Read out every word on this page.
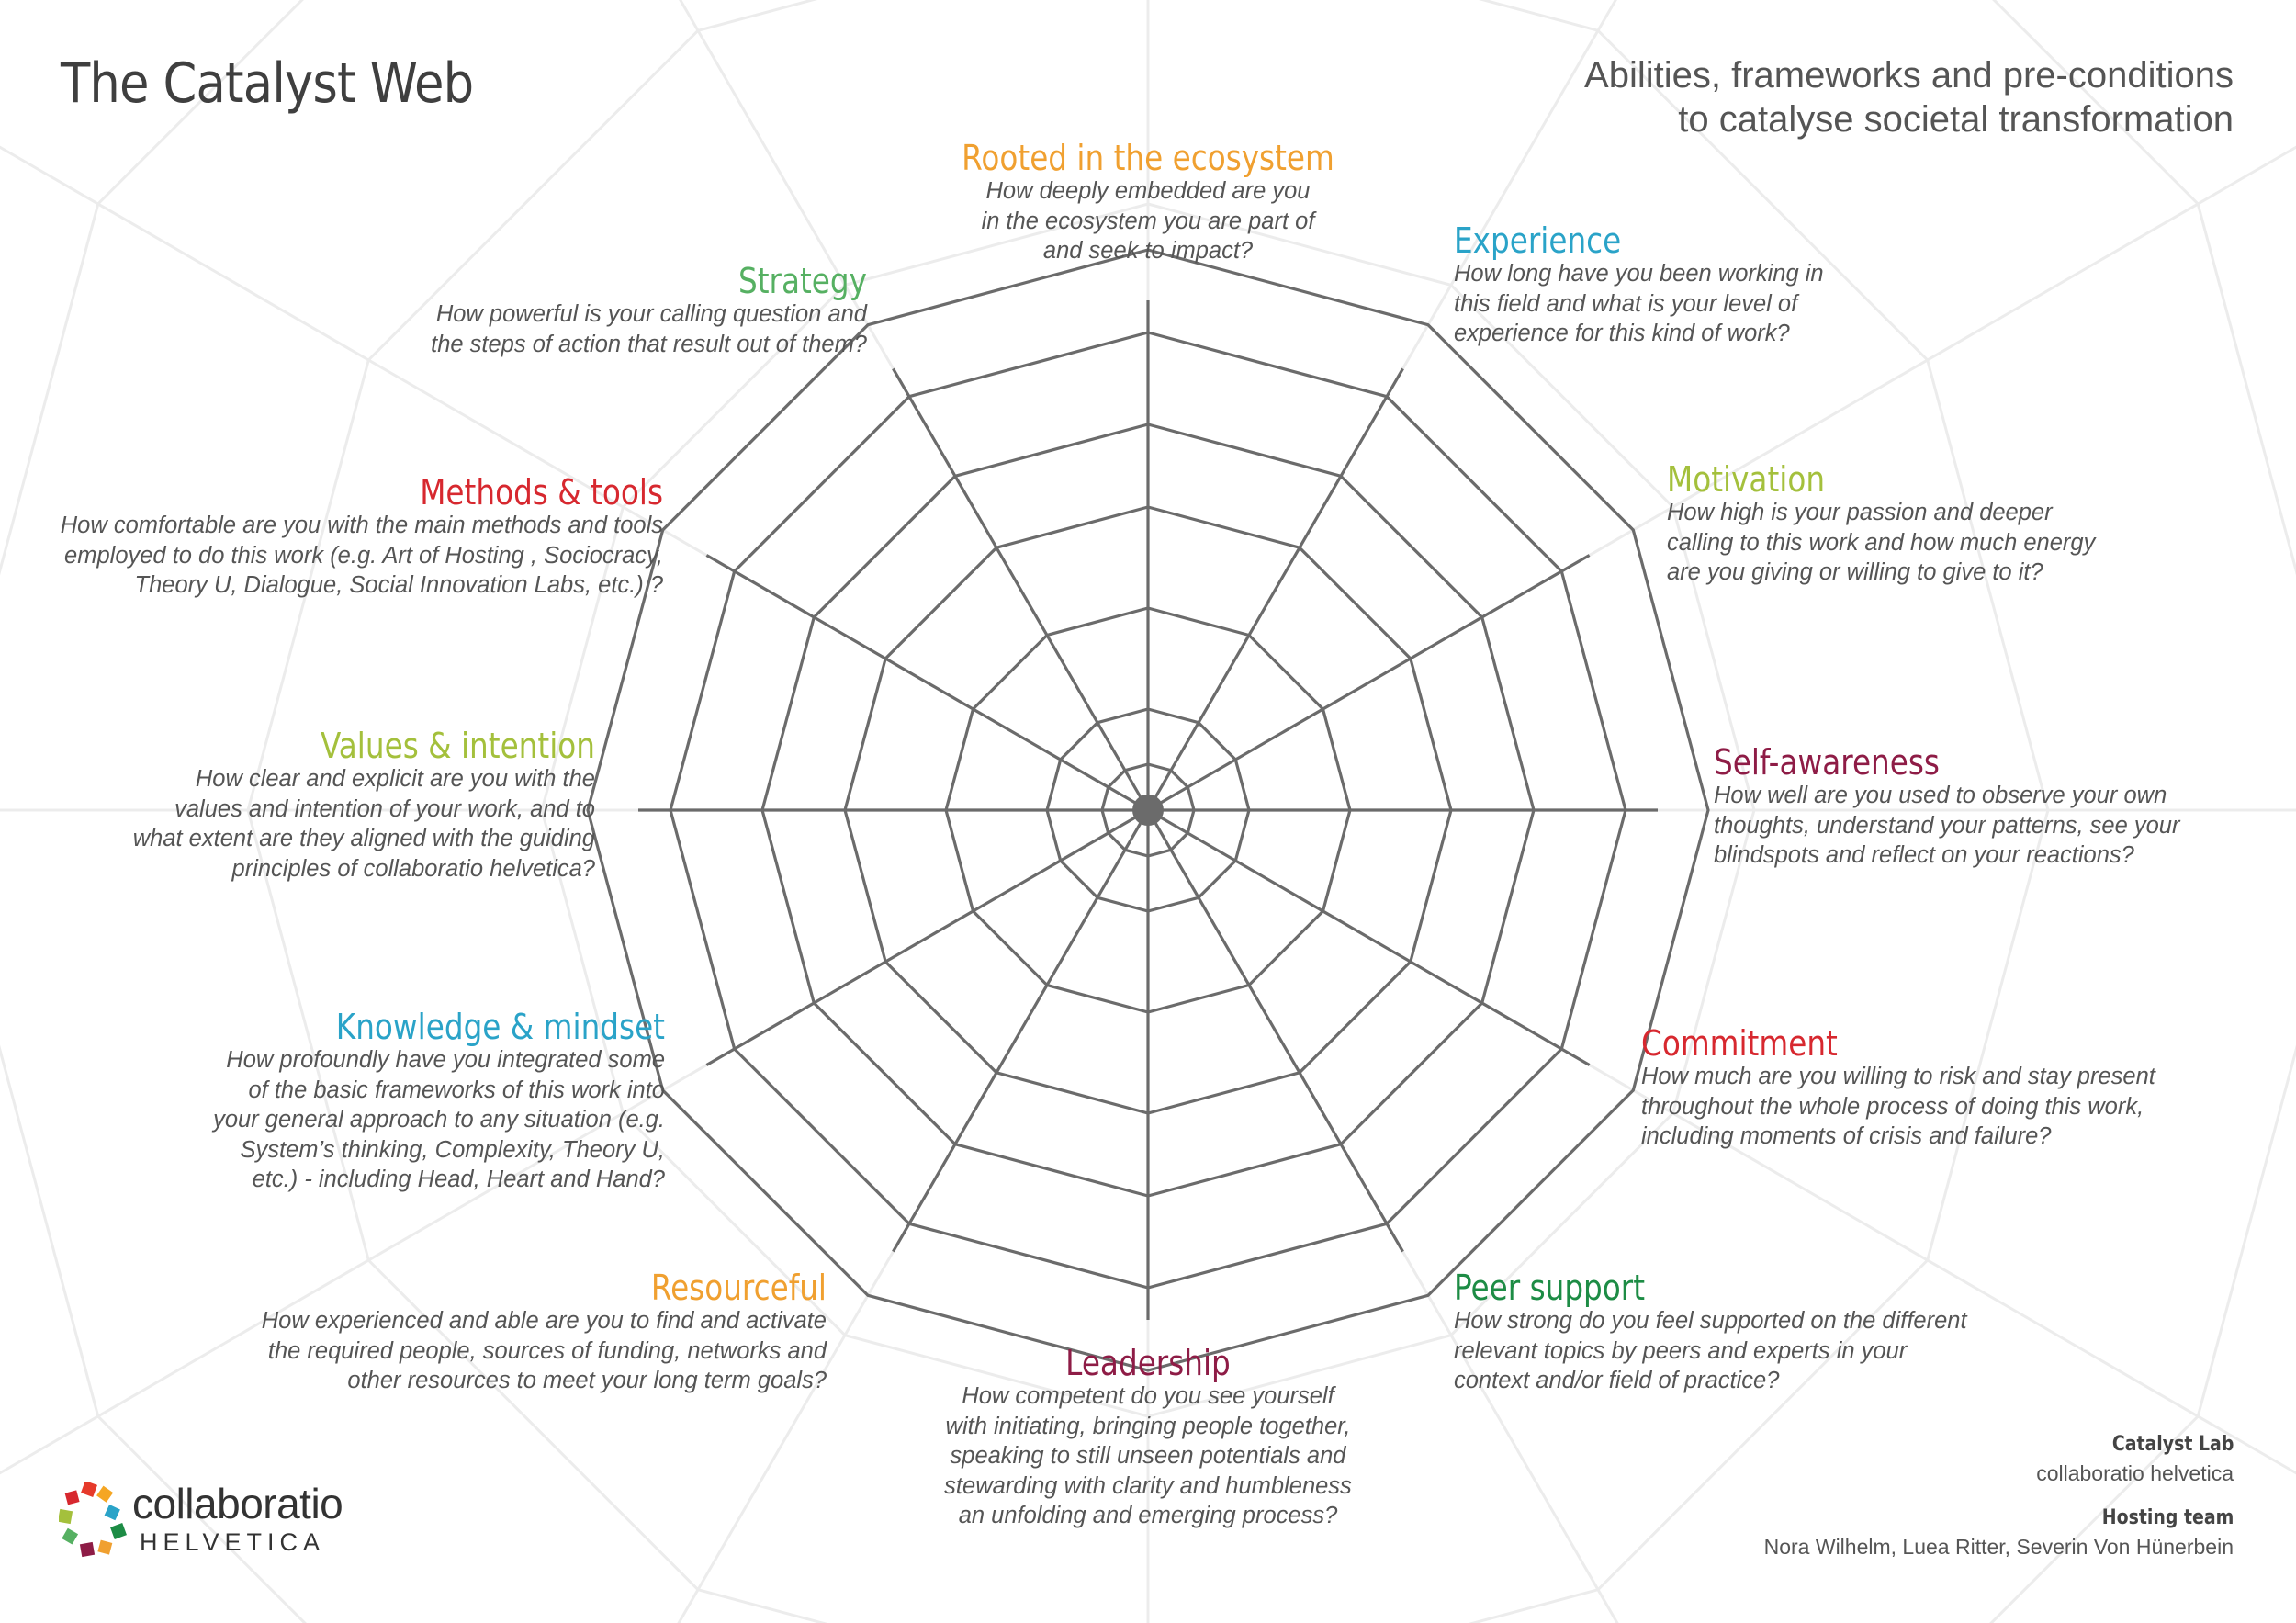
The Catalyst Web	Abilities, frameworks and pre-conditions
to catalyse societal transformation
Rooted in the ecosystem
How deeply embedded are you
in the ecosystem you are part of
and seek to impact?	Experience
How long have you been working in
this field and what is your level of
experience for this kind of work?
Motivation
How high is your passion and deeper
calling to this work and how much energy
are you giving or willing to give to it?
Self-awareness
How well are you used to observe your own
thoughts, understand your patterns, see your
blindspots and reflect on your reactions?
Commitment
How much are you willing to risk and stay present
throughout the whole process of doing this work,
including moments of crisis and failure?
Peer support
How strong do you feel supported on the different
relevant topics by peers and experts in your
context and/or field of practice?
Leadership
How competent do you see yourself
with initiating, bringing people together,
speaking to still unseen potentials and
stewarding with clarity and humbleness
an unfolding and emerging process?
Resourceful
How experienced and able are you to find and activate
the required people, sources of funding, networks and
other resources to meet your long term goals?
Knowledge & mindset
How profoundly have you integrated some
of the basic frameworks of this work into
your general approach to any situation (e.g.
System’s thinking, Complexity, Theory U,
etc.) - including Head, Heart and Hand?
Values & intention
How clear and explicit are you with the
values and intention of your work, and to
what extent are they aligned with the guiding
principles of collaboratio helvetica?
Methods & tools
How comfortable are you with the main methods and tools
employed to do this work (e.g. Art of Hosting , Sociocracy,
Theory U, Dialogue, Social Innovation Labs, etc.) ?
Strategy
How powerful is your calling question and
the steps of action that result out of them?
collaboratio
HELVETICA
Catalyst Lab
collaboratio helvetica
Hosting team
Nora Wilhelm, Luea Ritter, Severin Von Hünerbein
